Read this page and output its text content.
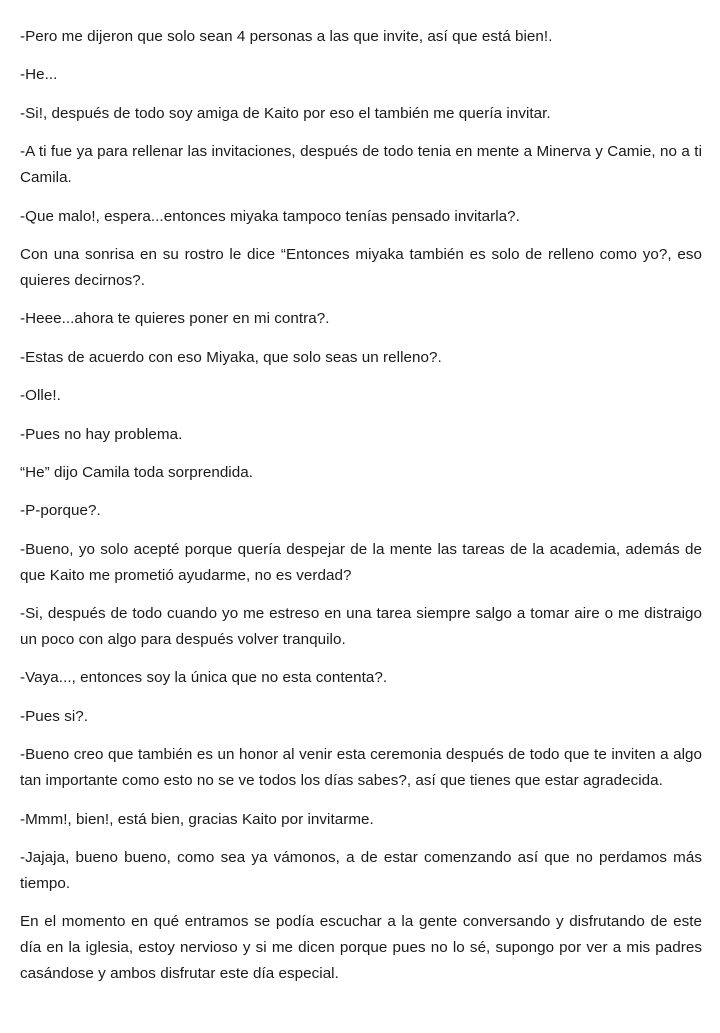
-Pero me dijeron que solo sean 4 personas a las que invite, así que está bien!.

-He...

-Si!, después de todo soy amiga de Kaito por eso el también me quería invitar.

-A ti fue ya para rellenar las invitaciones, después de todo tenia en mente a Minerva y Camie, no a ti Camila.

-Que malo!, espera...entonces miyaka tampoco tenías pensado invitarla?.

Con una sonrisa en su rostro le dice “Entonces miyaka también es solo de relleno como yo?, eso quieres decirnos?.

-Heee...ahora te quieres poner en mi contra?.

-Estas de acuerdo con eso Miyaka, que solo seas un relleno?.

-Olle!.

-Pues no hay problema.

“He” dijo Camila toda sorprendida.

-P-porque?.

-Bueno, yo solo acepté porque quería despejar de la mente las tareas de la academia, además de que Kaito me prometió ayudarme, no es verdad?

-Si, después de todo cuando yo me estreso en una tarea siempre salgo a tomar aire o me distraigo un poco con algo para después volver tranquilo.

-Vaya..., entonces soy la única que no esta contenta?.

-Pues si?.

-Bueno creo que también es un honor al venir esta ceremonia después de todo que te inviten a algo tan importante como esto no se ve todos los días sabes?, así que tienes que estar agradecida.

-Mmm!, bien!, está bien, gracias Kaito por invitarme.

-Jajaja, bueno bueno, como sea ya vámonos, a de estar comenzando así que no perdamos más tiempo.

En el momento en qué entramos se podía escuchar a la gente conversando y disfrutando de este día en la iglesia, estoy nervioso y si me dicen porque pues no lo sé, supongo por ver a mis padres casándose y ambos disfrutar este día especial.
